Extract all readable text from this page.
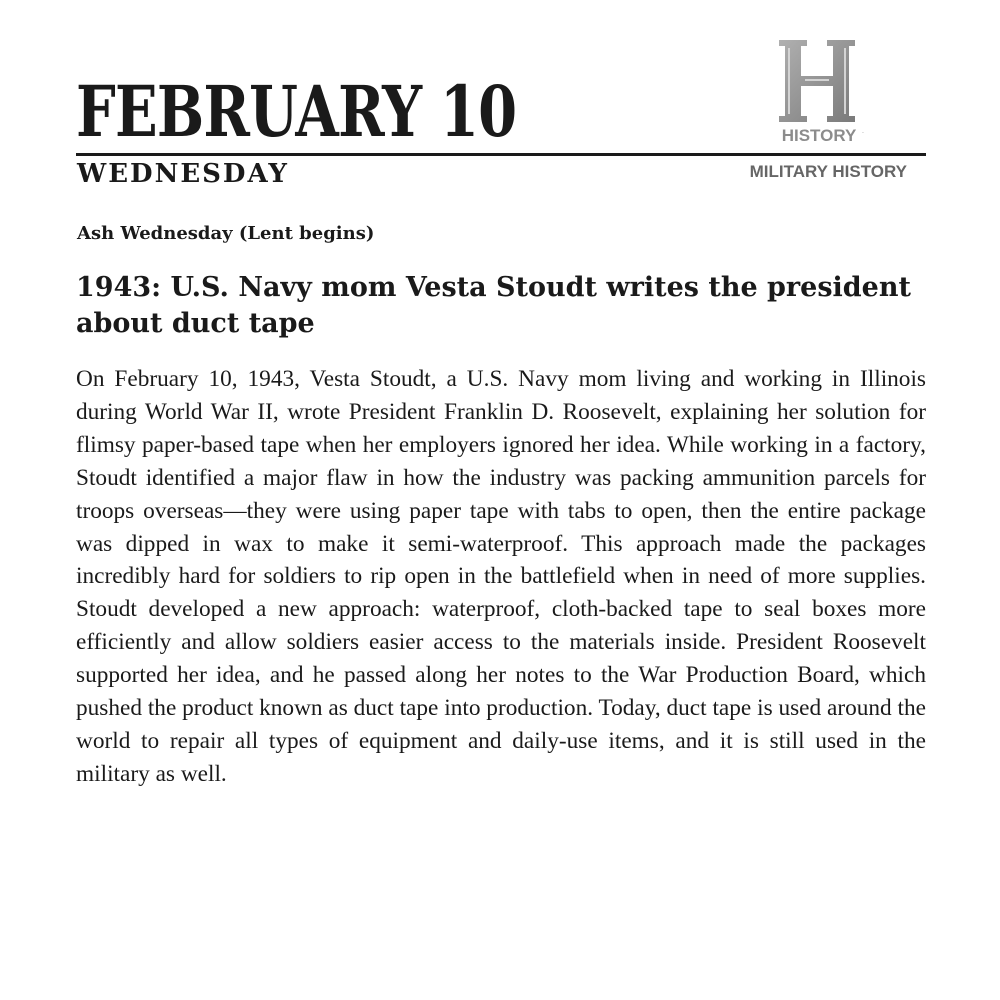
FEBRUARY 10
WEDNESDAY
HISTORY .
MILITARY HISTORY
Ash Wednesday (Lent begins)
1943: U.S. Navy mom Vesta Stoudt writes the president about duct tape

On February 10, 1943, Vesta Stoudt, a U.S. Navy mom living and working in Illinois during World War II, wrote President Franklin D. Roosevelt, explaining her solution for flimsy paper-based tape when her employers ignored her idea. While working in a factory, Stoudt identified a major flaw in how the industry was packing ammunition parcels for troops overseas—they were using paper tape with tabs to open, then the entire package was dipped in wax to make it semi-waterproof. This approach made the packages incredibly hard for soldiers to rip open in the battlefield when in need of more supplies. Stoudt developed a new approach: waterproof, cloth-backed tape to seal boxes more efficiently and allow soldiers easier access to the materials inside. President Roosevelt supported her idea, and he passed along her notes to the War Production Board, which pushed the product known as duct tape into production. Today, duct tape is used around the world to repair all types of equipment and daily-use items, and it is still used in the military as well.
